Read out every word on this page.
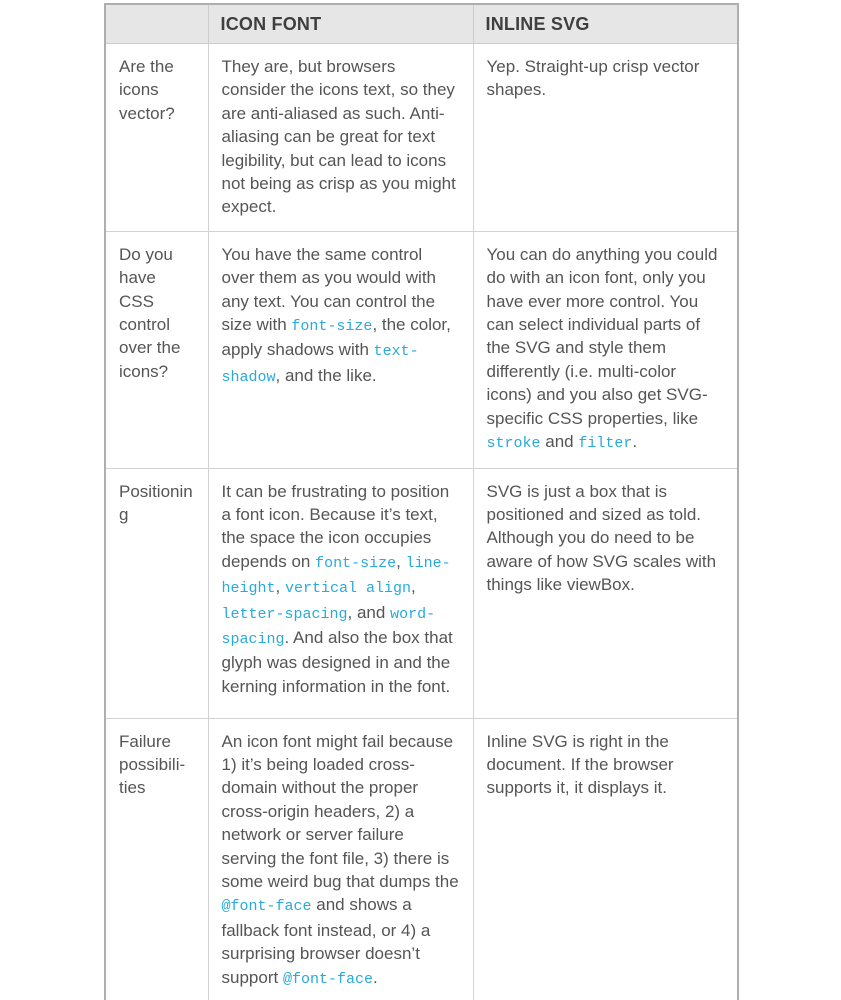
	ICON FONT	INLINE SVG
Are the icons vector?	They are, but browsers consider the icons text, so they are anti-aliased as such. Anti-aliasing can be great for text legibility, but can lead to icons not being as crisp as you might expect.	Yep. Straight-up crisp vector shapes.
Do you have CSS control over the icons?	You have the same control over them as you would with any text. You can control the size with font-size, the color, apply shadows with text-shadow, and the like.	You can do anything you could do with an icon font, only you have ever more control. You can select individual parts of the SVG and style them differently (i.e. multi-color icons) and you also get SVG-specific CSS properties, like stroke and filter.
Positioning	It can be frustrating to position a font icon. Because it’s text, the space the icon occupies depends on font-size, line-height, vertical align, letter-spacing, and word-spacing. And also the box that glyph was designed in and the kerning information in the font.	SVG is just a box that is positioned and sized as told. Although you do need to be aware of how SVG scales with things like viewBox.
Failure possibilities	An icon font might fail because 1) it’s being loaded cross-domain without the proper cross-origin headers, 2) a network or server failure serving the font file, 3) there is some weird bug that dumps the @font-face and shows a fallback font instead, or 4) a surprising browser doesn’t support @font-face.	Inline SVG is right in the document. If the browser supports it, it displays it.
